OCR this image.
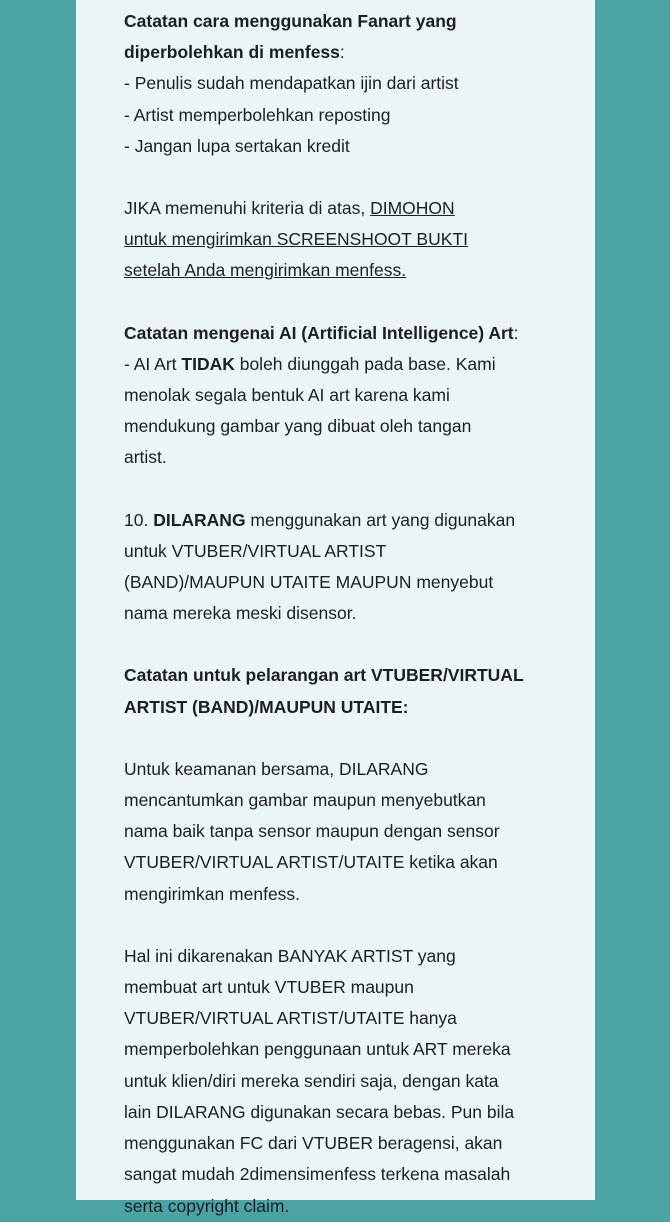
Catatan cara menggunakan Fanart yang
diperbolehkan di menfess:
- Penulis sudah mendapatkan ijin dari artist
- Artist memperbolehkan reposting
- Jangan lupa sertakan kredit
JIKA memenuhi kriteria di atas, DIMOHON
untuk mengirimkan SCREENSHOOT BUKTI
setelah Anda mengirimkan menfess.
Catatan mengenai AI (Artificial Intelligence) Art:
- AI Art TIDAK boleh diunggah pada base. Kami
menolak segala bentuk AI art karena kami
mendukung gambar yang dibuat oleh tangan
artist.
10. DILARANG menggunakan art yang digunakan
untuk VTUBER/VIRTUAL ARTIST
(BAND)/MAUPUN UTAITE MAUPUN menyebut
nama mereka meski disensor.
Catatan untuk pelarangan art VTUBER/VIRTUAL
ARTIST (BAND)/MAUPUN UTAITE:
Untuk keamanan bersama, DILARANG
mencantumkan gambar maupun menyebutkan
nama baik tanpa sensor maupun dengan sensor
VTUBER/VIRTUAL ARTIST/UTAITE ketika akan
mengirimkan menfess.
Hal ini dikarenakan BANYAK ARTIST yang
membuat art untuk VTUBER maupun
VTUBER/VIRTUAL ARTIST/UTAITE hanya
memperbolehkan penggunaan untuk ART mereka
untuk klien/diri mereka sendiri saja, dengan kata
lain DILARANG digunakan secara bebas. Pun bila
menggunakan FC dari VTUBER beragensi, akan
sangat mudah 2dimensimenfess terkena masalah
serta copyright claim.
